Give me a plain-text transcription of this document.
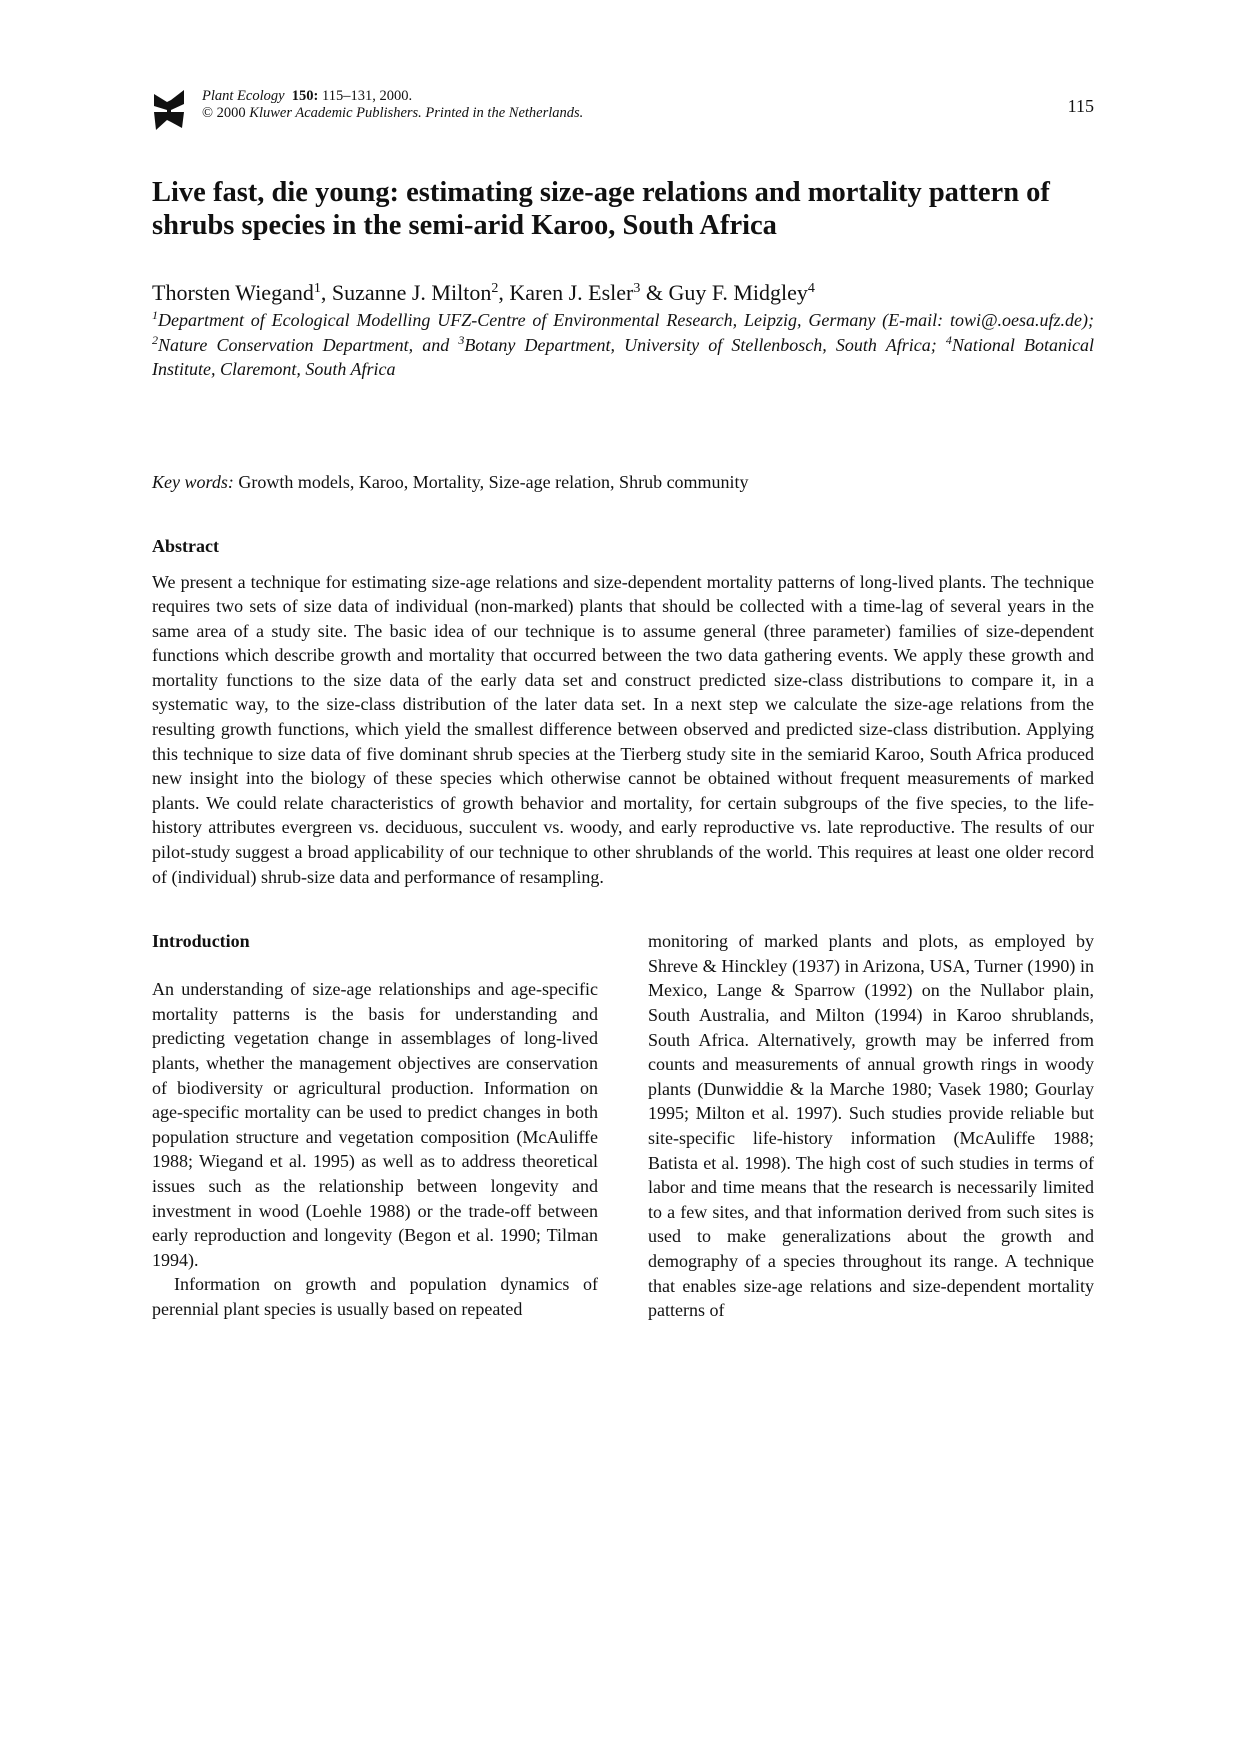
Plant Ecology 150: 115–131, 2000.
© 2000 Kluwer Academic Publishers. Printed in the Netherlands.	115
Live fast, die young: estimating size-age relations and mortality pattern of shrubs species in the semi-arid Karoo, South Africa
Thorsten Wiegand$^1$, Suzanne J. Milton$^2$, Karen J. Esler$^3$ & Guy F. Midgley$^4$
$^1$Department of Ecological Modelling UFZ-Centre of Environmental Research, Leipzig, Germany (E-mail: towi@.oesa.ufz.de); $^2$Nature Conservation Department, and $^3$Botany Department, University of Stellenbosch, South Africa; $^4$National Botanical Institute, Claremont, South Africa
Key words: Growth models, Karoo, Mortality, Size-age relation, Shrub community
Abstract
We present a technique for estimating size-age relations and size-dependent mortality patterns of long-lived plants. The technique requires two sets of size data of individual (non-marked) plants that should be collected with a time-lag of several years in the same area of a study site. The basic idea of our technique is to assume general (three parameter) families of size-dependent functions which describe growth and mortality that occurred between the two data gathering events. We apply these growth and mortality functions to the size data of the early data set and construct predicted size-class distributions to compare it, in a systematic way, to the size-class distribution of the later data set. In a next step we calculate the size-age relations from the resulting growth functions, which yield the smallest difference between observed and predicted size-class distribution. Applying this technique to size data of five dominant shrub species at the Tierberg study site in the semiarid Karoo, South Africa produced new insight into the biology of these species which otherwise cannot be obtained without frequent measurements of marked plants. We could relate characteristics of growth behavior and mortality, for certain subgroups of the five species, to the life-history attributes evergreen vs. deciduous, succulent vs. woody, and early reproductive vs. late reproductive. The results of our pilot-study suggest a broad applicability of our technique to other shrublands of the world. This requires at least one older record of (individual) shrub-size data and performance of resampling.
Introduction

An understanding of size-age relationships and age-specific mortality patterns is the basis for understanding and predicting vegetation change in assemblages of long-lived plants, whether the management objectives are conservation of biodiversity or agricultural production. Information on age-specific mortality can be used to predict changes in both population structure and vegetation composition (McAuliffe 1988; Wiegand et al. 1995) as well as to address theoretical issues such as the relationship between longevity and investment in wood (Loehle 1988) or the trade-off between early reproduction and longevity (Begon et al. 1990; Tilman 1994).

Information on growth and population dynamics of perennial plant species is usually based on repeated

monitoring of marked plants and plots, as employed by Shreve & Hinckley (1937) in Arizona, USA, Turner (1990) in Mexico, Lange & Sparrow (1992) on the Nullabor plain, South Australia, and Milton (1994) in Karoo shrublands, South Africa. Alternatively, growth may be inferred from counts and measurements of annual growth rings in woody plants (Dunwiddie & la Marche 1980; Vasek 1980; Gourlay 1995; Milton et al. 1997). Such studies provide reliable but site-specific life-history information (McAuliffe 1988; Batista et al. 1998). The high cost of such studies in terms of labor and time means that the research is necessarily limited to a few sites, and that information derived from such sites is used to make generalizations about the growth and demography of a species throughout its range. A technique that enables size-age relations and size-dependent mortality patterns of
